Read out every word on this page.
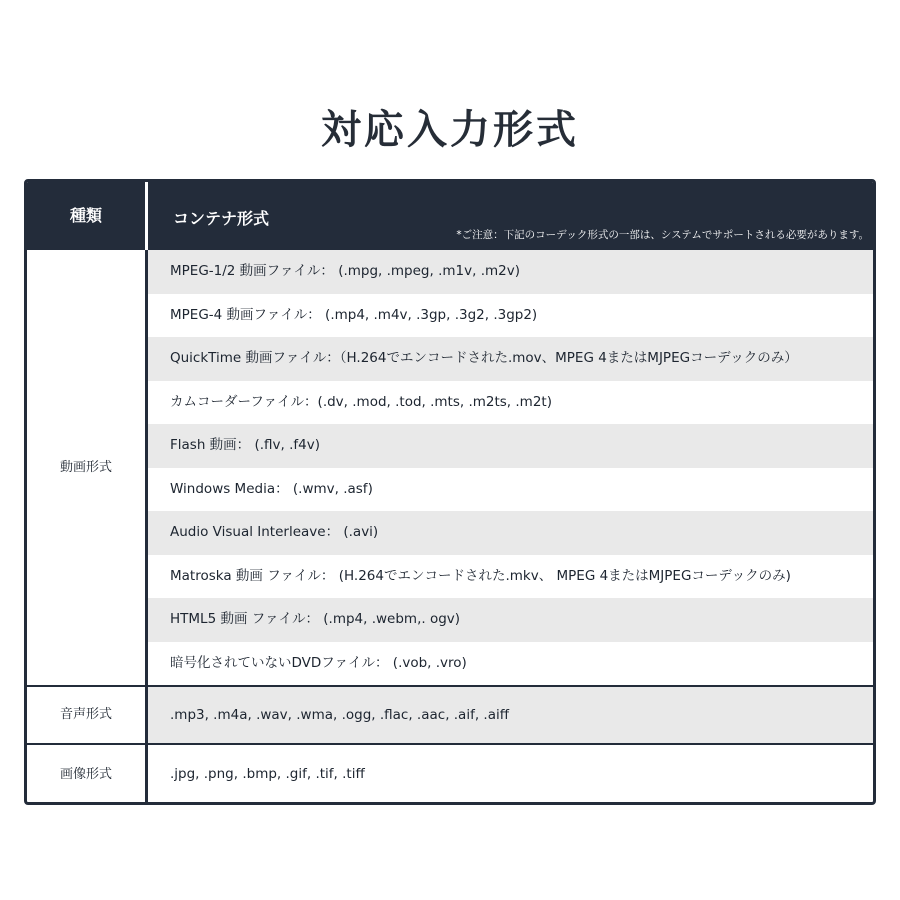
対応入力形式
種類	コンテナ形式
*ご注意：下記のコーデック形式の一部は、システムでサポートされる必要があります。
動画形式
MPEG-1/2 動画ファイル： (.mpg, .mpeg, .m1v, .m2v)
MPEG-4 動画ファイル： (.mp4, .m4v, .3gp, .3g2, .3gp2)
QuickTime 動画ファイル：（H.264でエンコードされた.mov、MPEG 4またはMJPEGコーデックのみ）
カムコーダーファイル：(.dv, .mod, .tod, .mts, .m2ts, .m2t)
Flash 動画： (.flv, .f4v)
Windows Media： (.wmv, .asf)
Audio Visual Interleave： (.avi)
Matroska 動画 ファイル： (H.264でエンコードされた.mkv、 MPEG 4またはMJPEGコーデックのみ)
HTML5 動画 ファイル： (.mp4, .webm,. ogv)
暗号化されていないDVDファイル： (.vob, .vro)
音声形式	.mp3, .m4a, .wav, .wma, .ogg, .flac, .aac, .aif, .aiff
画像形式	.jpg, .png, .bmp, .gif, .tif, .tiff
